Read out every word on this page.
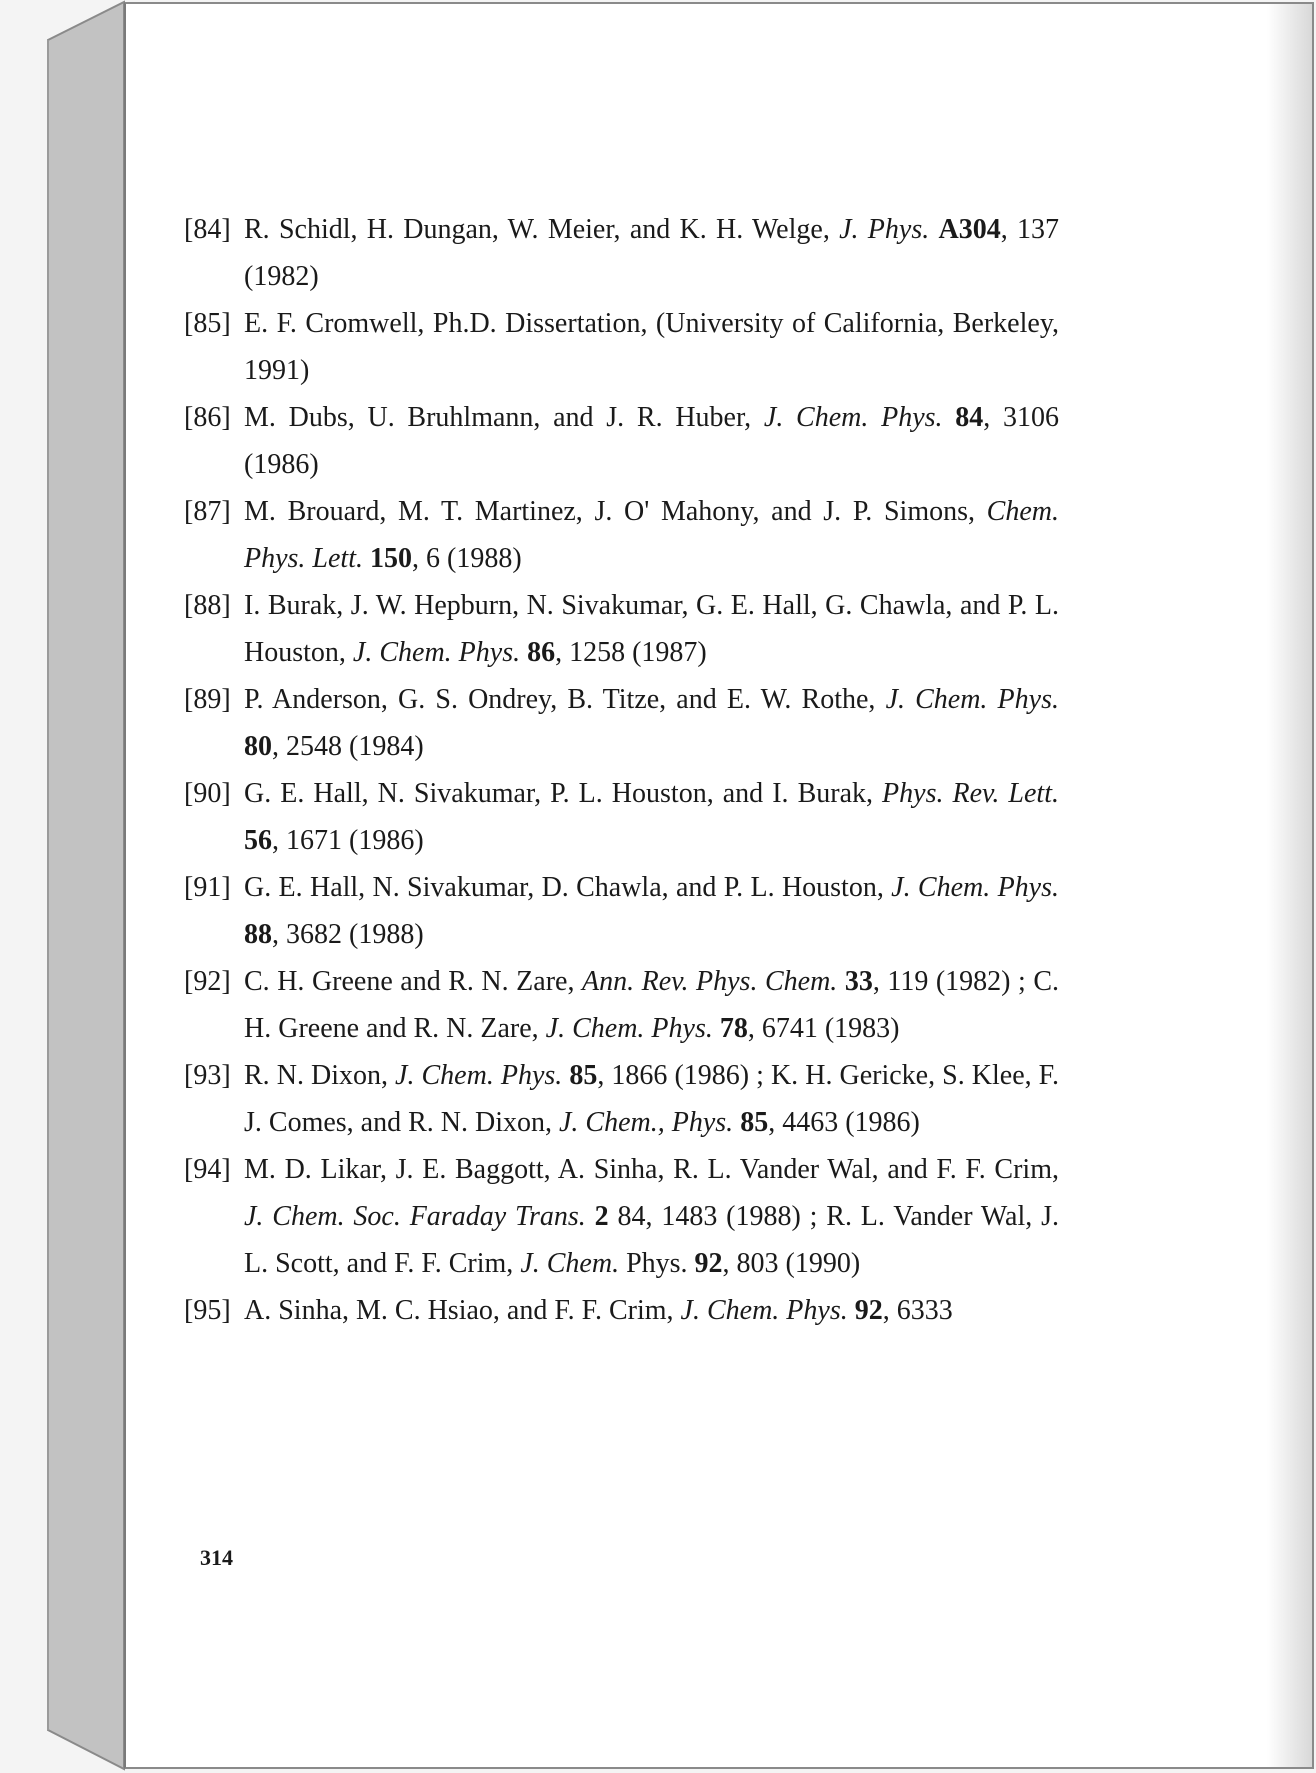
[84] R. Schidl, H. Dungan, W. Meier, and K. H. Welge, J. Phys. A304, 137 (1982)
[85] E. F. Cromwell, Ph.D. Dissertation, (University of California, Berkeley, 1991)
[86] M. Dubs, U. Bruhlmann, and J. R. Huber, J. Chem. Phys. 84, 3106 (1986)
[87] M. Brouard, M. T. Martinez, J. O' Mahony, and J. P. Simons, Chem. Phys. Lett. 150, 6 (1988)
[88] I. Burak, J. W. Hepburn, N. Sivakumar, G. E. Hall, G. Chawla, and P. L. Houston, J. Chem. Phys. 86, 1258 (1987)
[89] P. Anderson, G. S. Ondrey, B. Titze, and E. W. Rothe, J. Chem. Phys. 80, 2548 (1984)
[90] G. E. Hall, N. Sivakumar, P. L. Houston, and I. Burak, Phys. Rev. Lett. 56, 1671 (1986)
[91] G. E. Hall, N. Sivakumar, D. Chawla, and P. L. Houston, J. Chem. Phys. 88, 3682 (1988)
[92] C. H. Greene and R. N. Zare, Ann. Rev. Phys. Chem. 33, 119 (1982) ; C. H. Greene and R. N. Zare, J. Chem. Phys. 78, 6741 (1983)
[93] R. N. Dixon, J. Chem. Phys. 85, 1866 (1986) ; K. H. Gericke, S. Klee, F. J. Comes, and R. N. Dixon, J. Chem., Phys. 85, 4463 (1986)
[94] M. D. Likar, J. E. Baggott, A. Sinha, R. L. Vander Wal, and F. F. Crim, J. Chem. Soc. Faraday Trans. 2 84, 1483 (1988) ; R. L. Vander Wal, J. L. Scott, and F. F. Crim, J. Chem. Phys. 92, 803 (1990)
[95] A. Sinha, M. C. Hsiao, and F. F. Crim, J. Chem. Phys. 92, 6333
314
